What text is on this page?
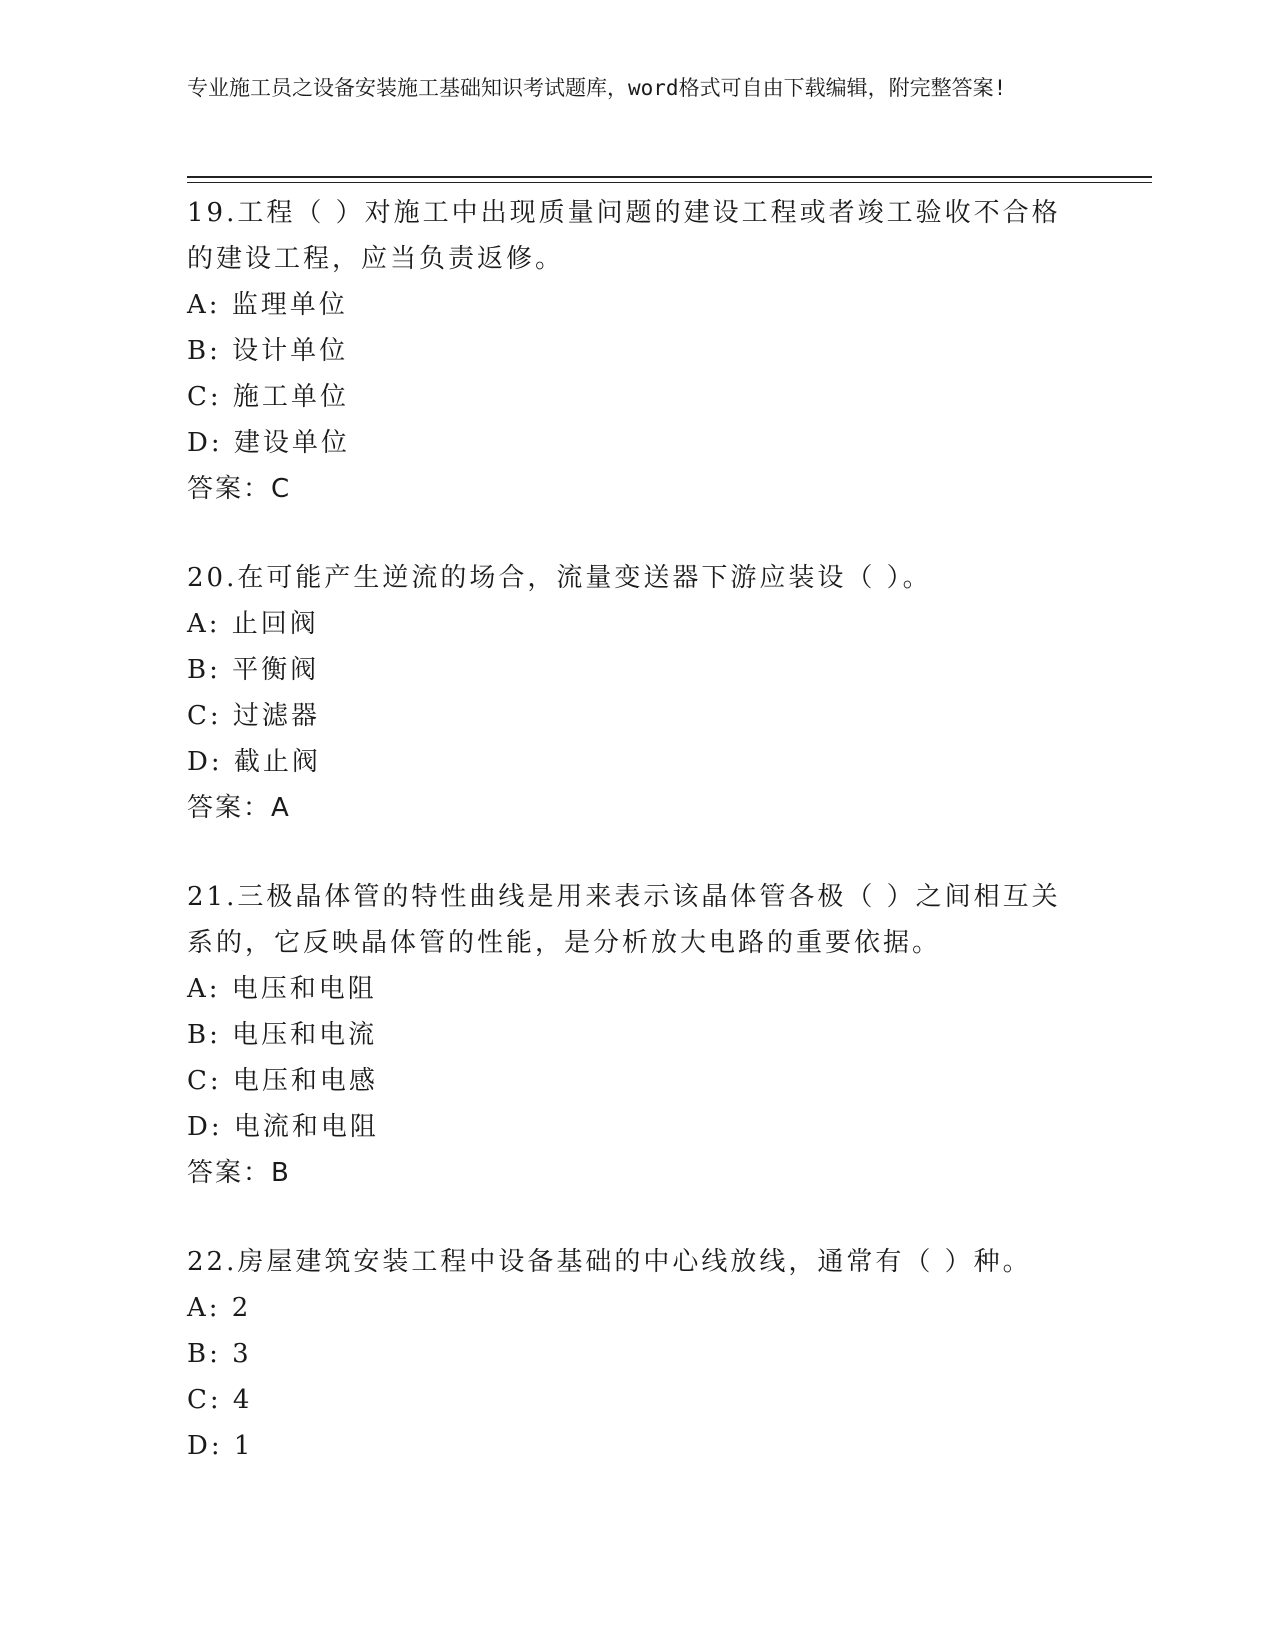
专业施工员之设备安装施工基础知识考试题库，word格式可自由下载编辑，附完整答案!

19.工程（ ）对施工中出现质量问题的建设工程或者竣工验收不合格的建设工程，应当负责返修。

A: 监理单位
B: 设计单位
C: 施工单位
D: 建设单位
答案：C

20.在可能产生逆流的场合，流量变送器下游应装设（ ）。

A: 止回阀
B: 平衡阀
C: 过滤器
D: 截止阀
答案：A

21.三极晶体管的特性曲线是用来表示该晶体管各极（ ）之间相互关系的，它反映晶体管的性能，是分析放大电路的重要依据。

A: 电压和电阻
B: 电压和电流
C: 电压和电感
D: 电流和电阻
答案：B

22.房屋建筑安装工程中设备基础的中心线放线，通常有（ ）种。

A: 2
B: 3
C: 4
D: 1
